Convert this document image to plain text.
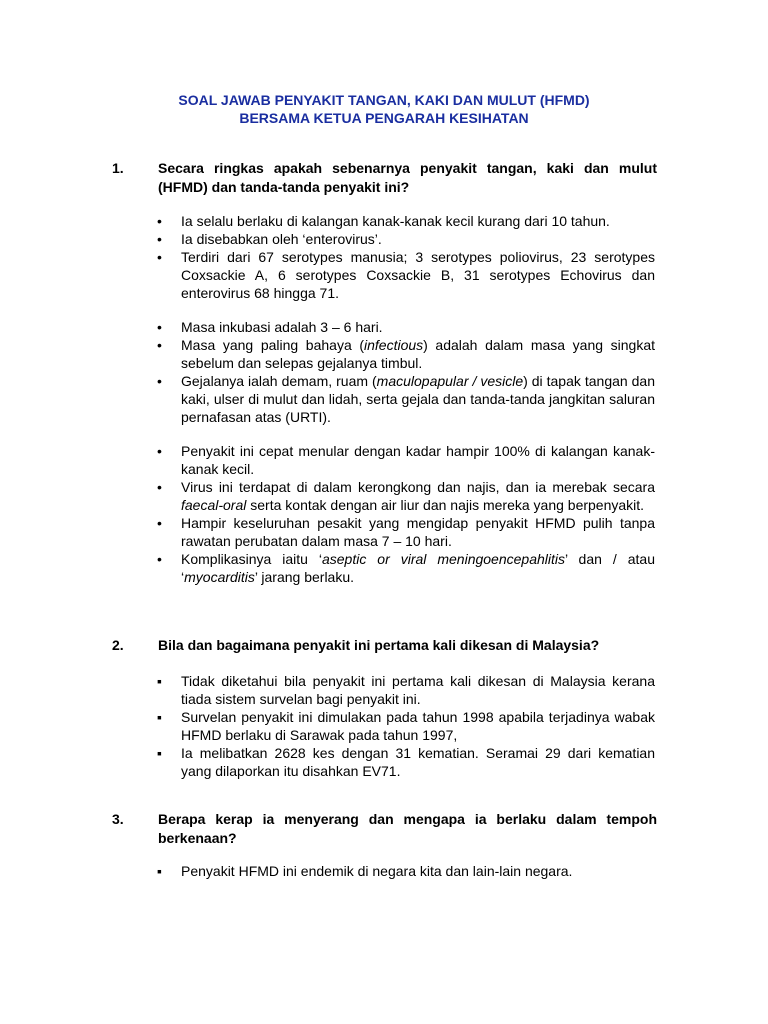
SOAL JAWAB PENYAKIT TANGAN, KAKI DAN MULUT (HFMD)
BERSAMA KETUA PENGARAH KESIHATAN
1. Secara ringkas apakah sebenarnya penyakit tangan, kaki dan mulut (HFMD) dan tanda-tanda penyakit ini?
•
Ia selalu berlaku di kalangan kanak-kanak kecil kurang dari 10 tahun.
•
Ia disebabkan oleh ‘enterovirus’.
•
Terdiri dari 67 serotypes manusia; 3 serotypes poliovirus, 23 serotypes Coxsackie A, 6 serotypes Coxsackie B, 31 serotypes Echovirus dan enterovirus 68 hingga 71.
•
Masa inkubasi adalah 3 – 6 hari.
•
Masa yang paling bahaya (infectious) adalah dalam masa yang singkat sebelum dan selepas gejalanya timbul.
•
Gejalanya ialah demam, ruam (maculopapular / vesicle) di tapak tangan dan kaki, ulser di mulut dan lidah, serta gejala dan tanda-tanda jangkitan saluran pernafasan atas (URTI).
•
Penyakit ini cepat menular dengan kadar hampir 100% di kalangan kanak-kanak kecil.
•
Virus ini terdapat di dalam kerongkong dan najis, dan ia merebak secara faecal-oral serta kontak dengan air liur dan najis mereka yang berpenyakit.
•
Hampir keseluruhan pesakit yang mengidap penyakit HFMD pulih tanpa rawatan perubatan dalam masa 7 – 10 hari.
•
Komplikasinya iaitu ‘aseptic or viral meningoencepahlitis’ dan / atau ‘myocarditis’ jarang berlaku.
2. Bila dan bagaimana penyakit ini pertama kali dikesan di Malaysia?
▪
Tidak diketahui bila penyakit ini pertama kali dikesan di Malaysia kerana tiada sistem survelan bagi penyakit ini.
▪
Survelan penyakit ini dimulakan pada tahun 1998 apabila terjadinya wabak HFMD berlaku di Sarawak pada tahun 1997,
▪
Ia melibatkan 2628 kes dengan 31 kematian. Seramai 29 dari kematian yang dilaporkan itu disahkan EV71.
3. Berapa kerap ia menyerang dan mengapa ia berlaku dalam tempoh berkenaan?
▪
Penyakit HFMD ini endemik di negara kita dan lain-lain negara.
